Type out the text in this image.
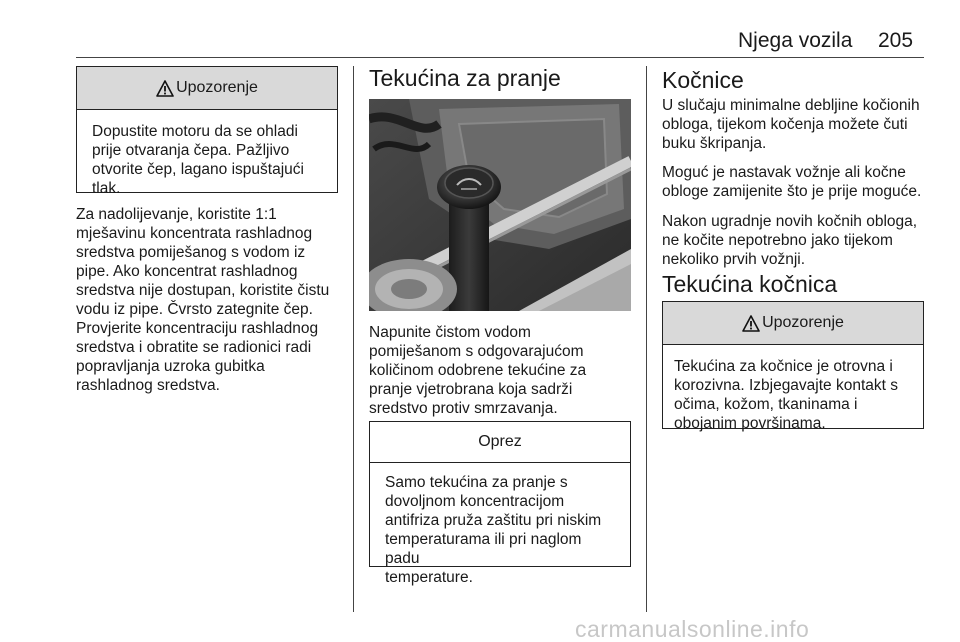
Njega vozila 205
Upozorenje
Dopustite motoru da se ohladi
prije otvaranja čepa. Pažljivo
otvorite čep, lagano ispuštajući
tlak.
Za nadolijevanje, koristite 1:1
mješavinu koncentrata rashladnog
sredstva pomiješanog s vodom iz
pipe. Ako koncentrat rashladnog
sredstva nije dostupan, koristite čistu
vodu iz pipe. Čvrsto zategnite čep.
Provjerite koncentraciju rashladnog
sredstva i obratite se radionici radi
popravljanja uzroka gubitka
rashladnog sredstva.
Tekućina za pranje
Napunite čistom vodom
pomiješanom s odgovarajućom
količinom odobrene tekućine za
pranje vjetrobrana koja sadrži
sredstvo protiv smrzavanja.
Oprez
Samo tekućina za pranje s
dovoljnom koncentracijom
antifriza pruža zaštitu pri niskim
temperaturama ili pri naglom padu
temperature.
Kočnice
U slučaju minimalne debljine kočionih
obloga, tijekom kočenja možete čuti
buku škripanja.
Moguć je nastavak vožnje ali kočne
obloge zamijenite što je prije moguće.
Nakon ugradnje novih kočnih obloga,
ne kočite nepotrebno jako tijekom
nekoliko prvih vožnji.
Tekućina kočnica
Upozorenje
Tekućina za kočnice je otrovna i
korozivna. Izbjegavajte kontakt s
očima, kožom, tkaninama i
obojanim površinama.
carmanualsonline.info
